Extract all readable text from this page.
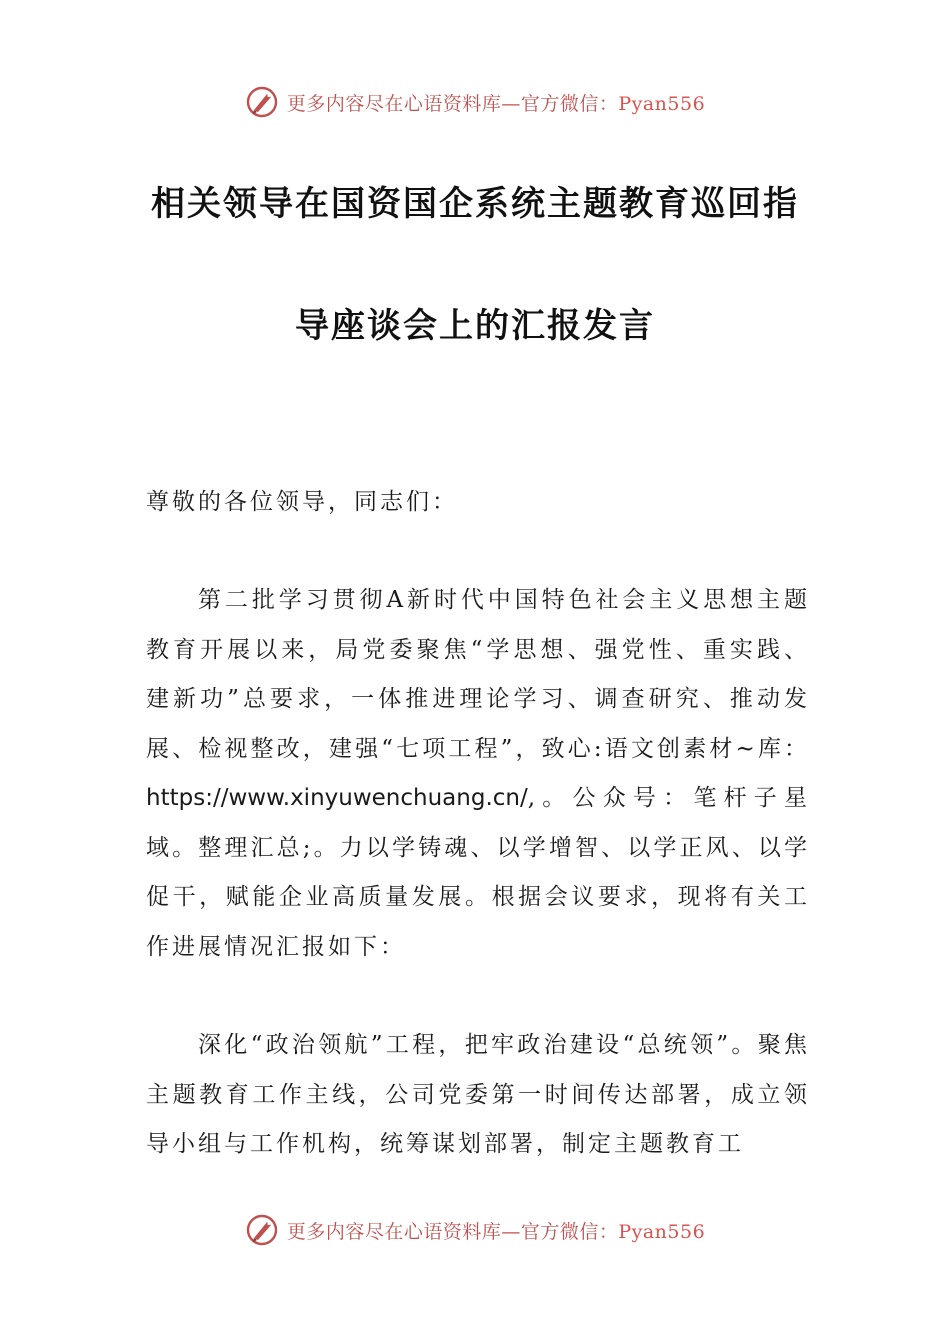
更多内容尽在心语资料库—官方微信：Pyan556
相关领导在国资国企系统主题教育巡回指
导座谈会上的汇报发言

尊敬的各位领导，同志们：

第二批学习贯彻A新时代中国特色社会主义思想主题教育开展以来，局党委聚焦“学思想、强党性、重实践、建新功”总要求，一体推进理论学习、调查研究、推动发展、检视整改，建强“七项工程”，致心:语文创素材~库：https://www.xinyuwenchuang.cn/,。公众号：笔杆子星域。整理汇总;。力以学铸魂、以学增智、以学正风、以学促干，赋能企业高质量发展。根据会议要求，现将有关工作进展情况汇报如下：

深化“政治领航”工程，把牢政治建设“总统领”。聚焦主题教育工作主线，公司党委第一时间传达部署，成立领导小组与工作机构，统筹谋划部署，制定主题教育工

更多内容尽在心语资料库—官方微信：Pyan556
